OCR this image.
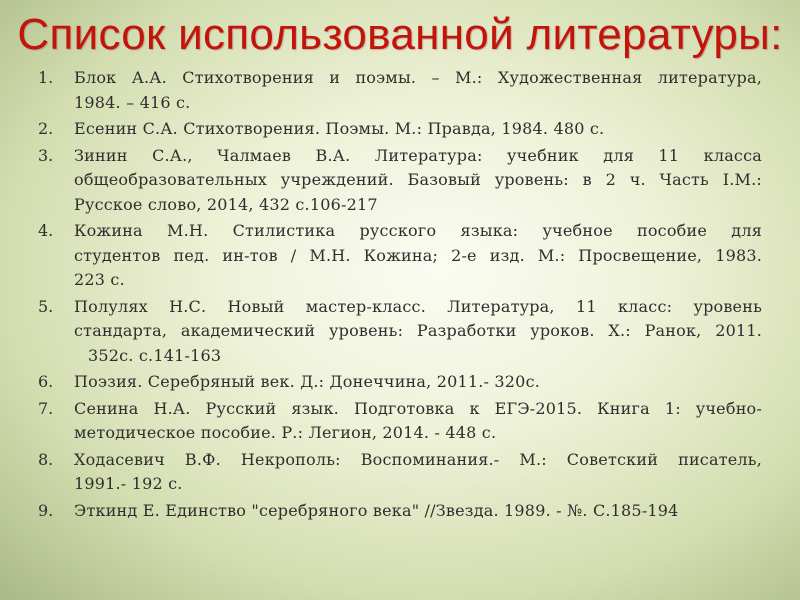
Список использованной литературы:
1. Блок А.А. Стихотворения и поэмы. – М.: Художественная литература,
1984. – 416 с.
2. Есенин С.А. Стихотворения. Поэмы. М.: Правда, 1984. 480 с.
3. Зинин С.А., Чалмаев В.А. Литература: учебник для 11 класса
общеобразовательных учреждений. Базовый уровень: в 2 ч. Часть I.М.:
Русское слово, 2014, 432 с.106-217
4. Кожина М.Н. Стилистика русского языка: учебное пособие для
студентов пед. ин-тов / М.Н. Кожина; 2-е изд. М.: Просвещение, 1983.
223 с.
5. Полулях Н.С. Новый мастер-класс. Литература, 11 класс: уровень
стандарта, академический уровень: Разработки уроков. Х.: Ранок, 2011.
352с. с.141-163
6. Поэзия. Серебряный век. Д.: Донеччина, 2011.- 320с.
7. Сенина Н.А. Русский язык. Подготовка к ЕГЭ-2015. Книга 1: учебно-
методическое пособие. Р.: Легион, 2014. - 448 с.
8. Ходасевич В.Ф. Некрополь: Воспоминания.- М.: Советский писатель,
1991.- 192 с.
9. Эткинд Е. Единство "серебряного века" //Звезда. 1989. - №. С.185-194
